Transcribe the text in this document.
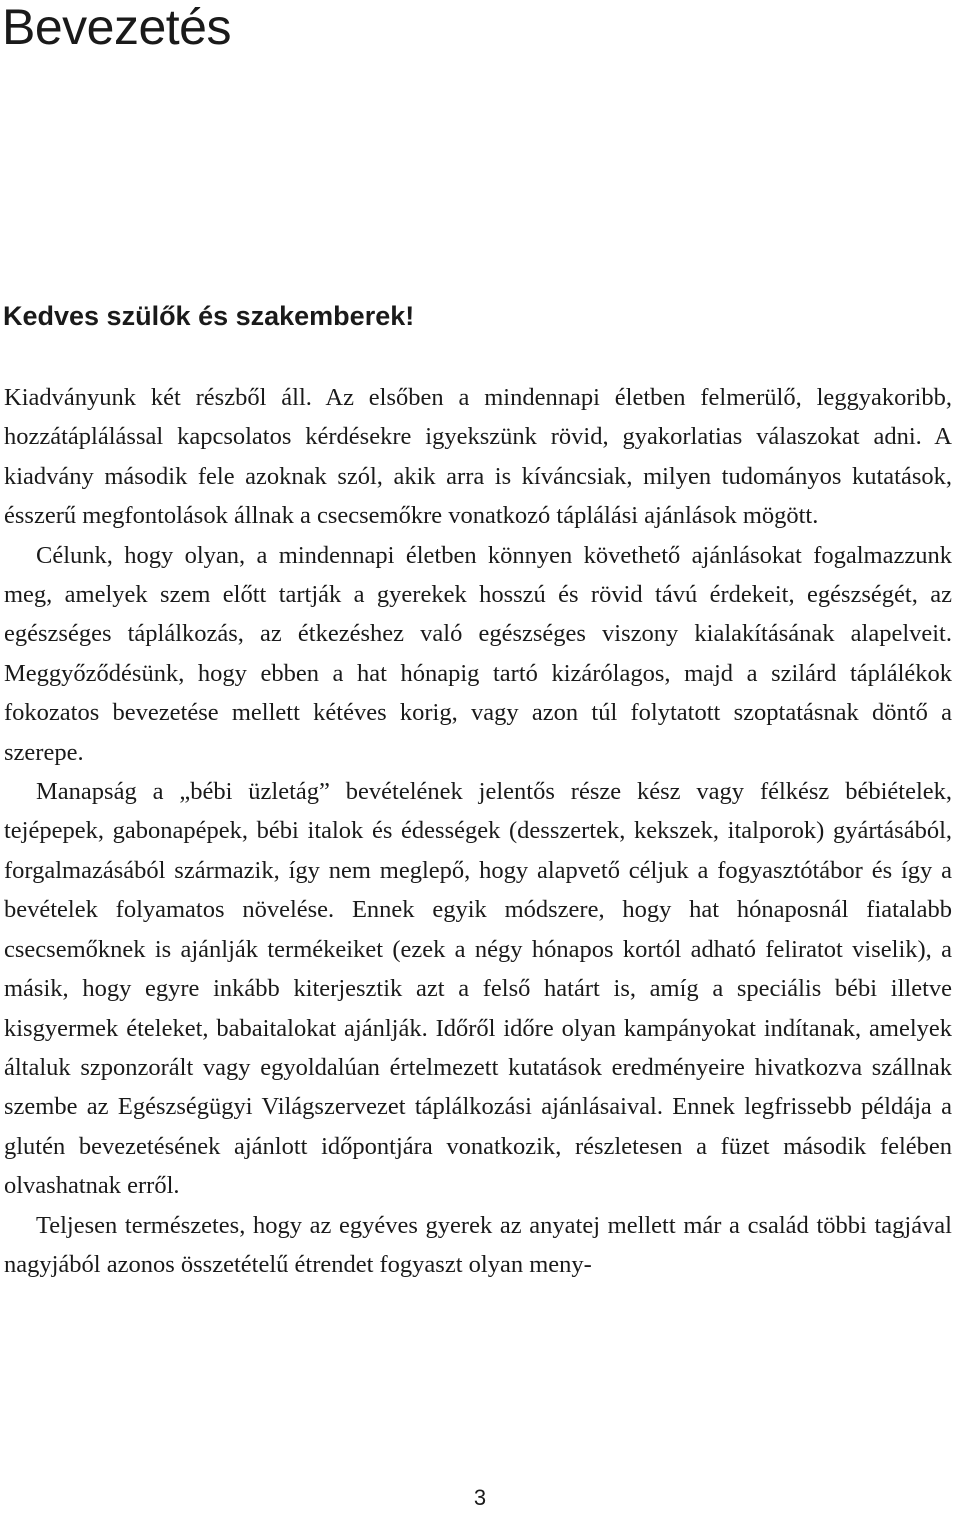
Bevezetés
Kedves szülők és szakemberek!

Kiadványunk két részből áll. Az elsőben a mindennapi életben felmerülő, leggyakoribb, hozzátáplálással kapcsolatos kérdésekre igyekszünk rövid, gyakorlatias válaszokat adni. A kiadvány második fele azoknak szól, akik arra is kíváncsiak, milyen tudományos kutatások, ésszerű megfontolások állnak a csecsemőkre vonatkozó táplálási ajánlások mögött.

Célunk, hogy olyan, a mindennapi életben könnyen követhető ajánlásokat fogalmazzunk meg, amelyek szem előtt tartják a gyerekek hosszú és rövid távú érdekeit, egészségét, az egészséges táplálkozás, az étkezéshez való egészséges viszony kialakításának alapelveit. Meggyőződésünk, hogy ebben a hat hónapig tartó kizárólagos, majd a szilárd táplálékok fokozatos bevezetése mellett kétéves korig, vagy azon túl folytatott szoptatásnak döntő a szerepe.

Manapság a „bébi üzletág” bevételének jelentős része kész vagy félkész bébiételek, tejépepek, gabonapépek, bébi italok és édességek (desszertek, kekszek, italporok) gyártásából, forgalmazásából származik, így nem meglepő, hogy alapvető céljuk a fogyasztótábor és így a bevételek folyamatos növelése. Ennek egyik módszere, hogy hat hónaposnál fiatalabb csecsemőknek is ajánlják termékeiket (ezek a négy hónapos kortól adható feliratot viselik), a másik, hogy egyre inkább kiterjesztik azt a felső határt is, amíg a speciális bébi illetve kisgyermek ételeket, babaitalokat ajánlják. Időről időre olyan kampányokat indítanak, amelyek általuk szponzorált vagy egyoldalúan értelmezett kutatások eredményeire hivatkozva szállnak szembe az Egészségügyi Világszervezet táplálkozási ajánlásaival. Ennek legfrissebb példája a glutén bevezetésének ajánlott időpontjára vonatkozik, részletesen a füzet második felében olvashatnak erről.

Teljesen természetes, hogy az egyéves gyerek az anyatej mellett már a család többi tagjával nagyjából azonos összetételű étrendet fogyaszt olyan meny-

3
